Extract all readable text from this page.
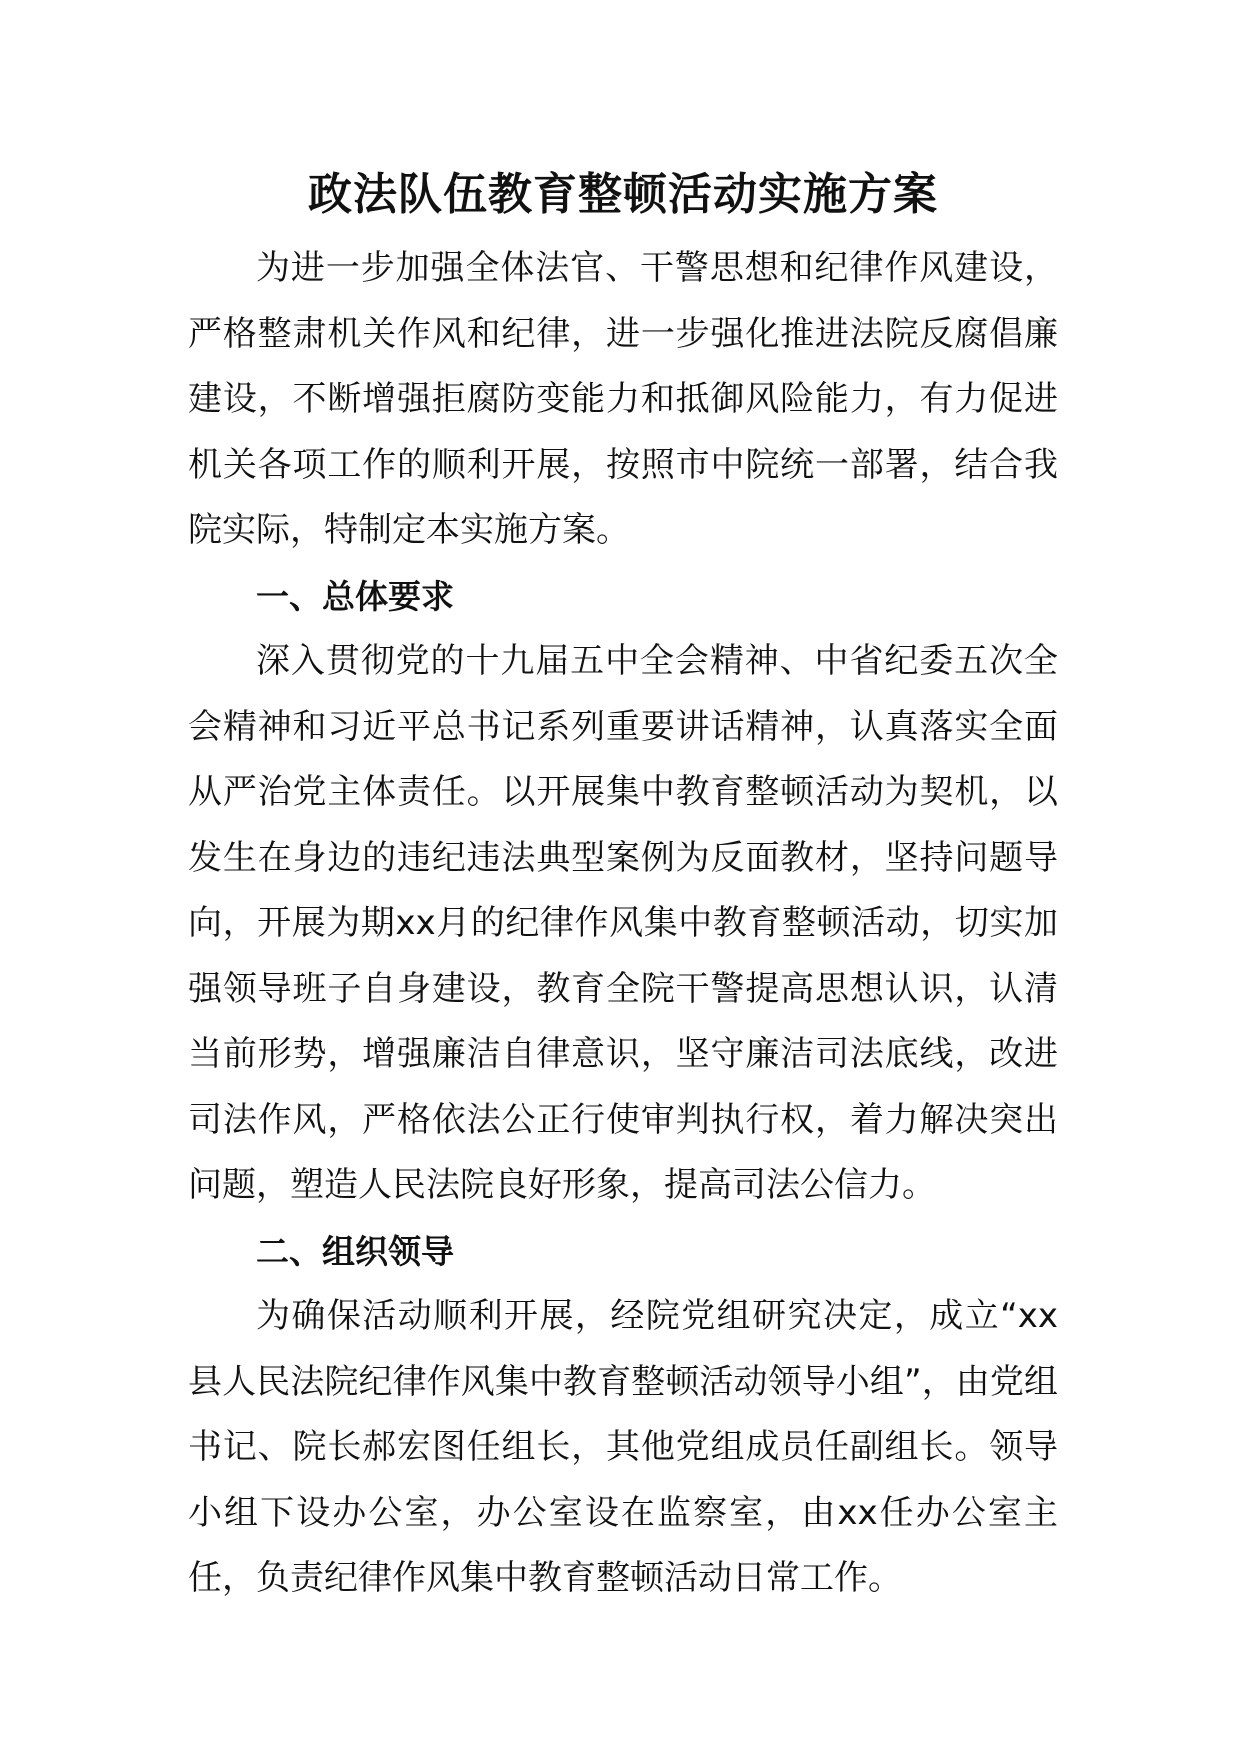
政法队伍教育整顿活动实施方案

为进一步加强全体法官、干警思想和纪律作风建设，严格整肃机关作风和纪律，进一步强化推进法院反腐倡廉建设，不断增强拒腐防变能力和抵御风险能力，有力促进机关各项工作的顺利开展，按照市中院统一部署，结合我院实际，特制定本实施方案。

一、总体要求

深入贯彻党的十九届五中全会精神、中省纪委五次全会精神和习近平总书记系列重要讲话精神，认真落实全面从严治党主体责任。以开展集中教育整顿活动为契机，以发生在身边的违纪违法典型案例为反面教材，坚持问题导向，开展为期xx月的纪律作风集中教育整顿活动，切实加强领导班子自身建设，教育全院干警提高思想认识，认清当前形势，增强廉洁自律意识，坚守廉洁司法底线，改进司法作风，严格依法公正行使审判执行权，着力解决突出问题，塑造人民法院良好形象，提高司法公信力。

二、组织领导

为确保活动顺利开展，经院党组研究决定，成立“xx县人民法院纪律作风集中教育整顿活动领导小组”，由党组书记、院长郝宏图任组长，其他党组成员任副组长。领导小组下设办公室，办公室设在监察室，由xx任办公室主任，负责纪律作风集中教育整顿活动日常工作。
